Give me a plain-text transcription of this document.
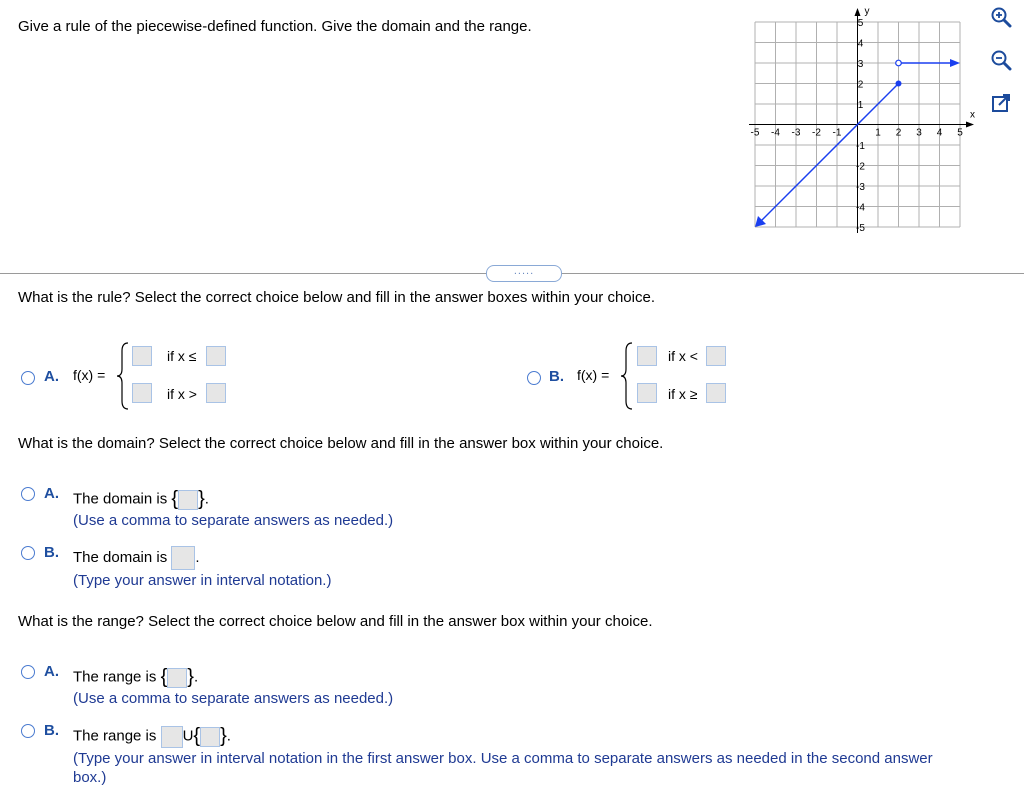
Give a rule of the piecewise-defined function. Give the domain and the range.
-5 -4 -3 -2 -1	1 2 3 4 5
5
4
3
2
1
-1
-2
-3
-4
-5
x
y
.....
What is the rule? Select the correct choice below and fill in the answer boxes within your choice.
A. f(x) =
if x ≤
if x >
B. f(x) =
if x <
if x ≥
What is the domain? Select the correct choice below and fill in the answer box within your choice.
A. The domain is { }.
(Use a comma to separate answers as needed.)
B. The domain is .
(Type your answer in interval notation.)
What is the range? Select the correct choice below and fill in the answer box within your choice.
A. The range is { }.
(Use a comma to separate answers as needed.)
B. The range is U{ }.
(Type your answer in interval notation in the first answer box. Use a comma to separate answers as needed in the second answer
box.)
